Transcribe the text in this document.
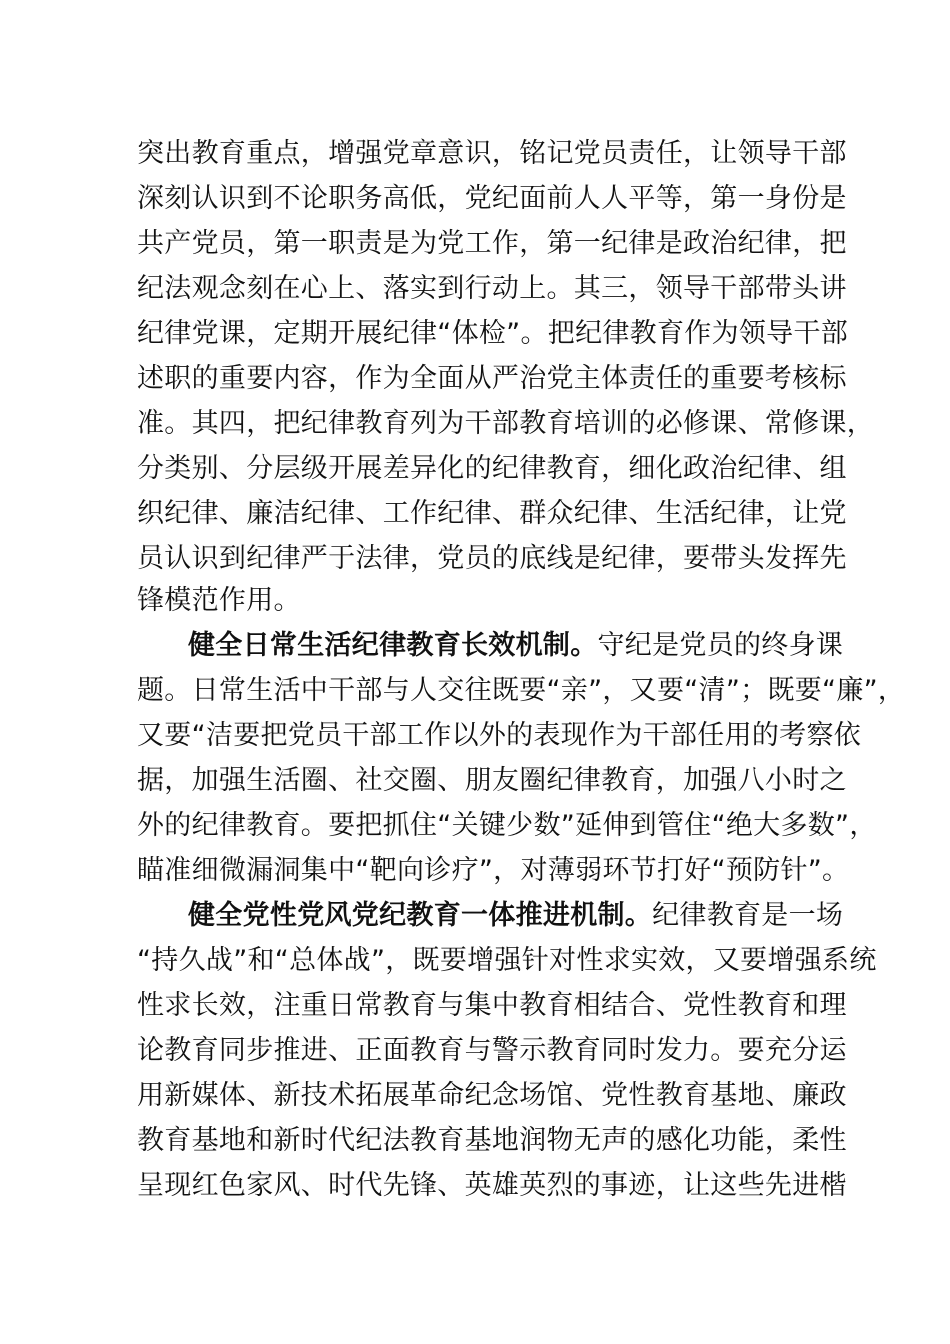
突出教育重点，增强党章意识，铭记党员责任，让领导干部
深刻认识到不论职务高低，党纪面前人人平等，第一身份是
共产党员，第一职责是为党工作，第一纪律是政治纪律，把
纪法观念刻在心上、落实到行动上。其三，领导干部带头讲
纪律党课，定期开展纪律“体检”。把纪律教育作为领导干部
述职的重要内容，作为全面从严治党主体责任的重要考核标
准。其四，把纪律教育列为干部教育培训的必修课、常修课，
分类别、分层级开展差异化的纪律教育，细化政治纪律、组
织纪律、廉洁纪律、工作纪律、群众纪律、生活纪律，让党
员认识到纪律严于法律，党员的底线是纪律，要带头发挥先
锋模范作用。
健全日常生活纪律教育长效机制。守纪是党员的终身课
题。日常生活中干部与人交往既要“亲”，又要“清”；既要“廉”，
又要“洁要把党员干部工作以外的表现作为干部任用的考察依
据，加强生活圈、社交圈、朋友圈纪律教育，加强八小时之
外的纪律教育。要把抓住“关键少数”延伸到管住“绝大多数”，
瞄准细微漏洞集中“靶向诊疗”，对薄弱环节打好“预防针”。
健全党性党风党纪教育一体推进机制。纪律教育是一场
“持久战”和“总体战”，既要增强针对性求实效，又要增强系统
性求长效，注重日常教育与集中教育相结合、党性教育和理
论教育同步推进、正面教育与警示教育同时发力。要充分运
用新媒体、新技术拓展革命纪念场馆、党性教育基地、廉政
教育基地和新时代纪法教育基地润物无声的感化功能，柔性
呈现红色家风、时代先锋、英雄英烈的事迹，让这些先进楷
